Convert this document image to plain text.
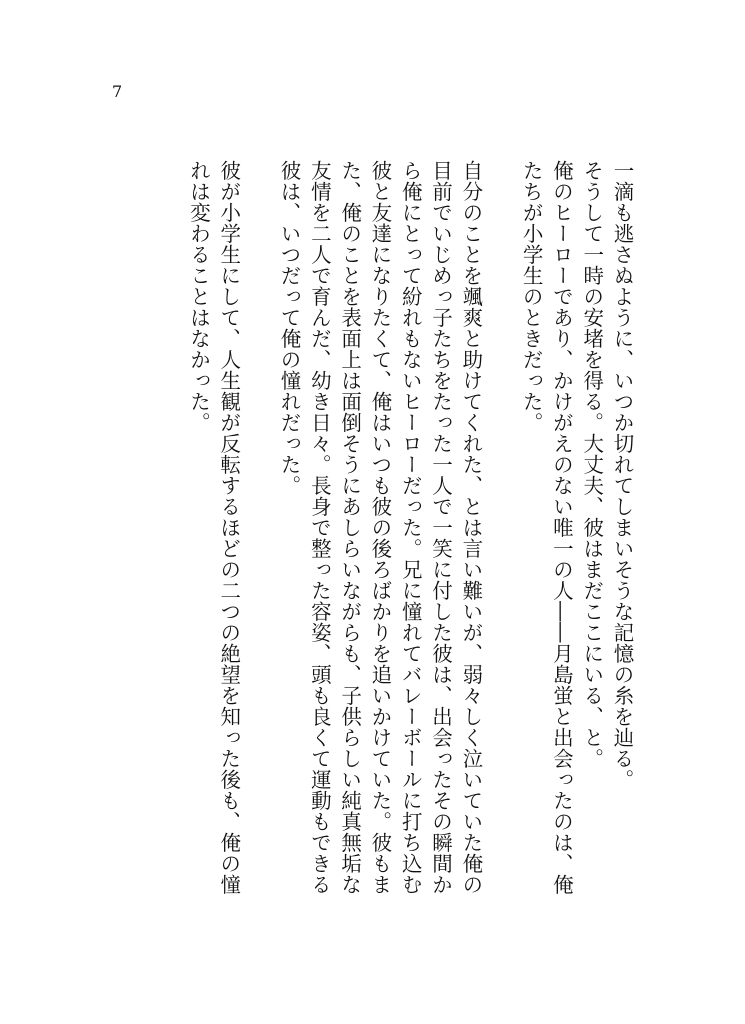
7

一滴も逃さぬように、いつか切れてしまいそうな記憶の糸を辿る。

そうして一時の安堵を得る。大丈夫、彼はまだここにいる、と。

俺のヒーローであり、かけがえのない唯一の人――月島蛍と出会ったのは、俺たちが小学生のときだった。

自分のことを颯爽と助けてくれた、とは言い難いが、弱々しく泣いていた俺の目前でいじめっ子たちをたった一人で一笑に付した彼は、出会ったその瞬間から俺にとって紛れもないヒーローだった。兄に憧れてバレーボールに打ち込む彼と友達になりたくて、俺はいつも彼の後ろばかりを追いかけていた。彼もまた、俺のことを表面上は面倒そうにあしらいながらも、子供らしい純真無垢な友情を二人で育んだ、幼き日々。長身で整った容姿、頭も良くて運動もできる彼は、いつだって俺の憧れだった。

彼が小学生にして、人生観が反転するほどの二つの絶望を知った後も、俺の憧れは変わることはなかった。
